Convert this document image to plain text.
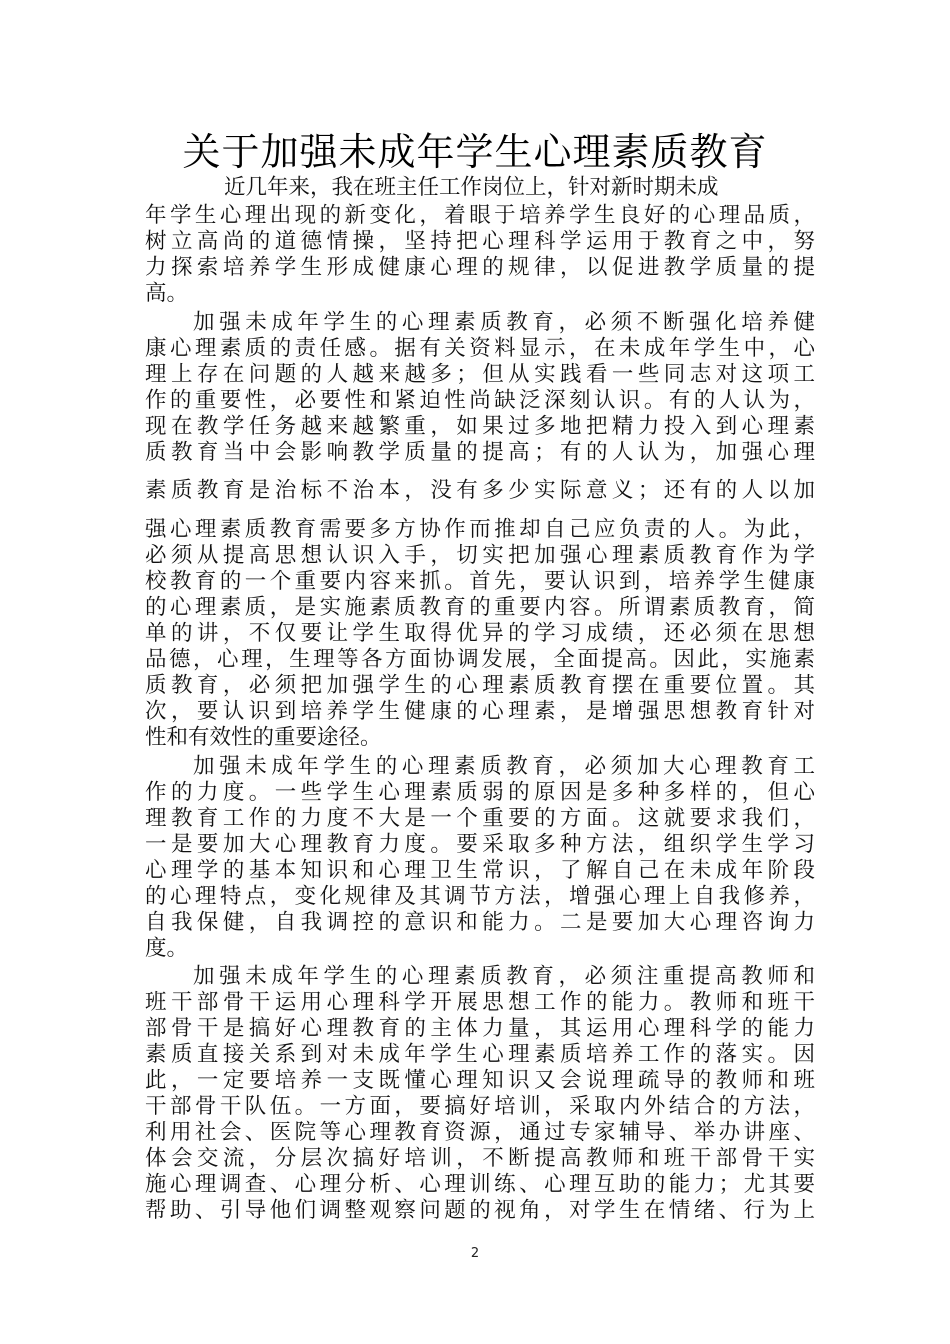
关于加强未成年学生心理素质教育
近几年来，我在班主任工作岗位上，针对新时期未成
年学生心理出现的新变化，着眼于培养学生良好的心理品质，
树立高尚的道德情操，坚持把心理科学运用于教育之中，努
力探索培养学生形成健康心理的规律，以促进教学质量的提
高。
加强未成年学生的心理素质教育，必须不断强化培养健
康心理素质的责任感。据有关资料显示，在未成年学生中，心
理上存在问题的人越来越多；但从实践看一些同志对这项工
作的重要性，必要性和紧迫性尚缺泛深刻认识。有的人认为，
现在教学任务越来越繁重，如果过多地把精力投入到心理素
质教育当中会影响教学质量的提高；有的人认为，加强心理
素质教育是治标不治本，没有多少实际意义；还有的人以加
强心理素质教育需要多方协作而推却自己应负责的人。为此，
必须从提高思想认识入手，切实把加强心理素质教育作为学
校教育的一个重要内容来抓。首先，要认识到，培养学生健康
的心理素质，是实施素质教育的重要内容。所谓素质教育，简
单的讲，不仅要让学生取得优异的学习成绩，还必须在思想
品德，心理，生理等各方面协调发展，全面提高。因此，实施素
质教育，必须把加强学生的心理素质教育摆在重要位置。其
次，要认识到培养学生健康的心理素，是增强思想教育针对
性和有效性的重要途径。
加强未成年学生的心理素质教育，必须加大心理教育工
作的力度。一些学生心理素质弱的原因是多种多样的，但心
理教育工作的力度不大是一个重要的方面。这就要求我们，
一是要加大心理教育力度。要采取多种方法，组织学生学习
心理学的基本知识和心理卫生常识，了解自己在未成年阶段
的心理特点，变化规律及其调节方法，增强心理上自我修养，
自我保健，自我调控的意识和能力。二是要加大心理咨询力
度。
加强未成年学生的心理素质教育，必须注重提高教师和
班干部骨干运用心理科学开展思想工作的能力。教师和班干
部骨干是搞好心理教育的主体力量，其运用心理科学的能力
素质直接关系到对未成年学生心理素质培养工作的落实。因
此，一定要培养一支既懂心理知识又会说理疏导的教师和班
干部骨干队伍。一方面，要搞好培训，采取内外结合的方法，
利用社会、医院等心理教育资源，通过专家辅导、举办讲座、
体会交流，分层次搞好培训，不断提高教师和班干部骨干实
施心理调查、心理分析、心理训练、心理互助的能力；尤其要
帮助、引导他们调整观察问题的视角，对学生在情绪、行为上
2
